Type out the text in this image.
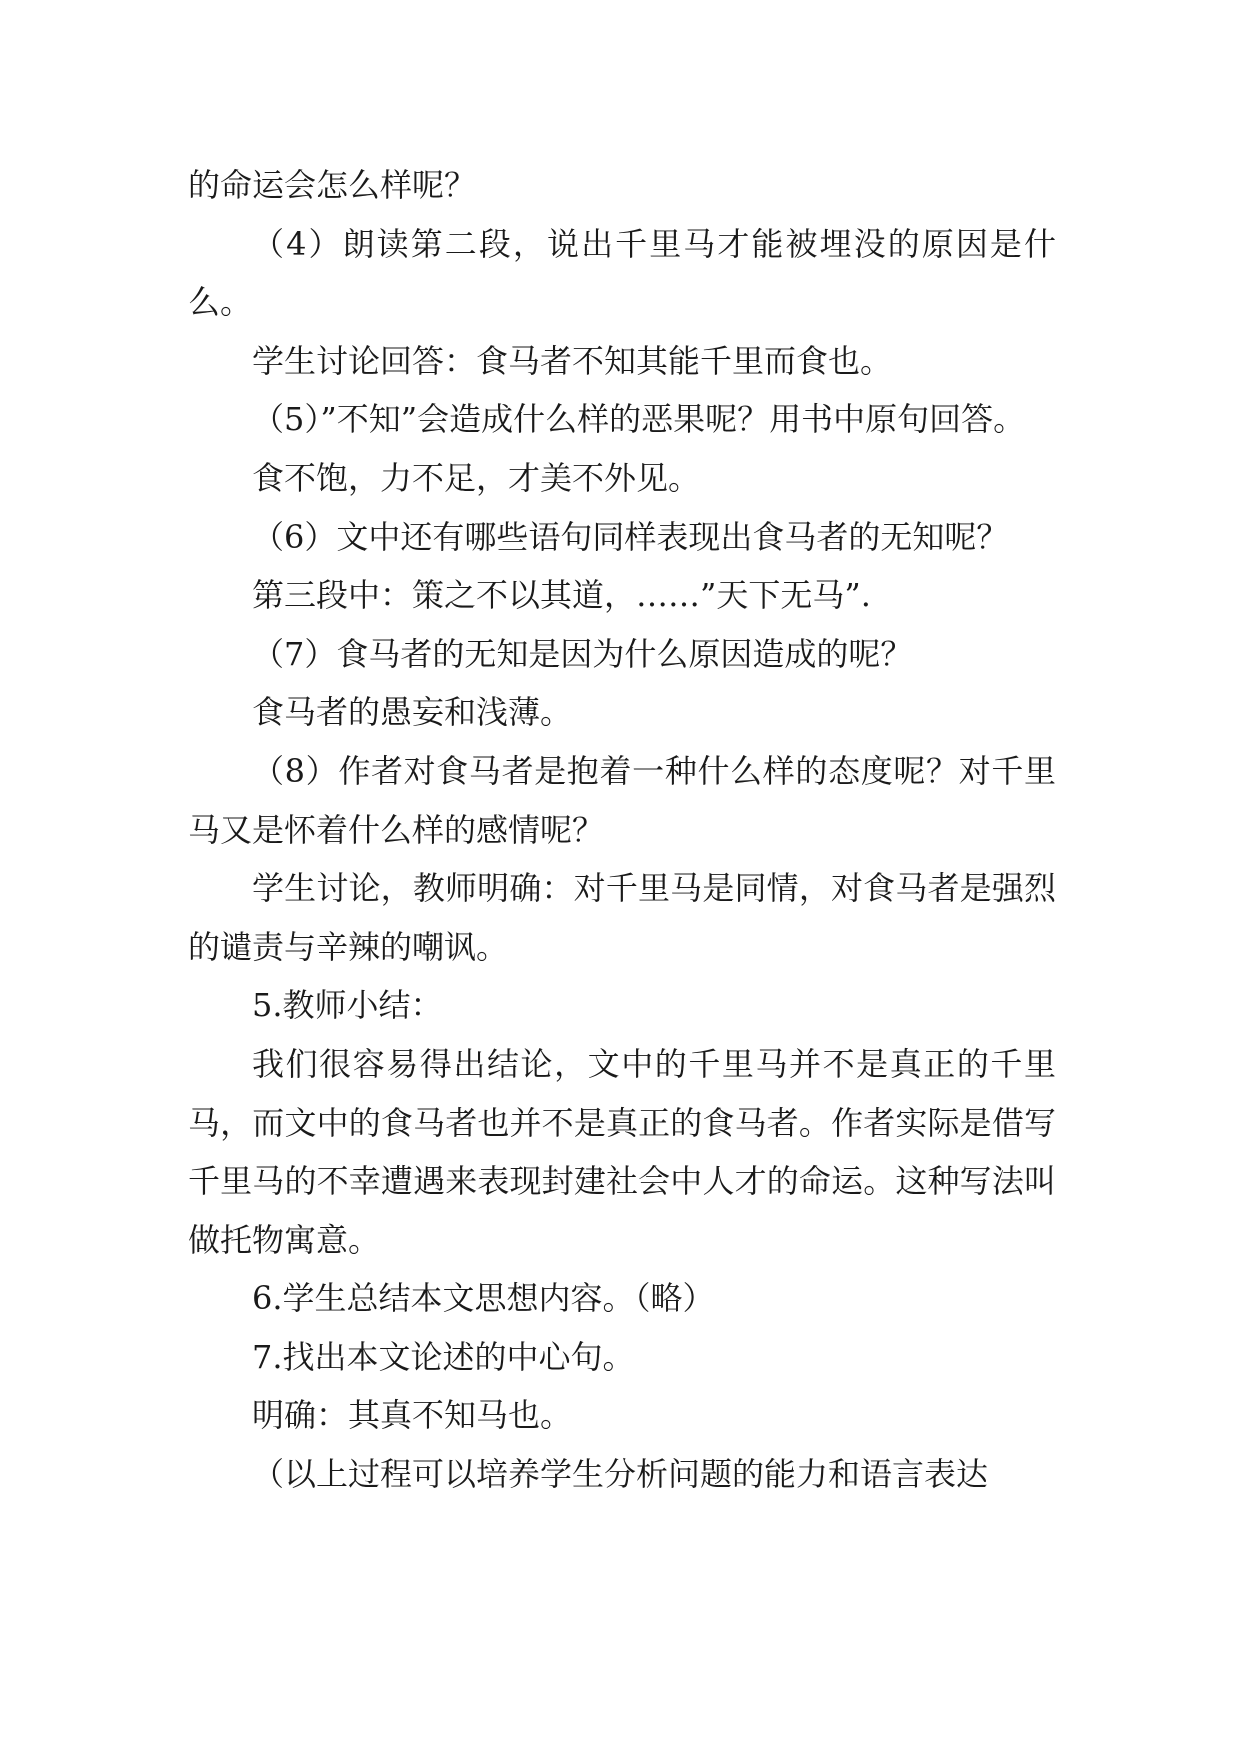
的命运会怎么样呢？

（4）朗读第二段，说出千里马才能被埋没的原因是什么。

学生讨论回答：食马者不知其能千里而食也。

（5）”不知”会造成什么样的恶果呢？用书中原句回答。

食不饱，力不足，才美不外见。

（6）文中还有哪些语句同样表现出食马者的无知呢？

第三段中：策之不以其道，……”天下无马”.

（7）食马者的无知是因为什么原因造成的呢？

食马者的愚妄和浅薄。

（8）作者对食马者是抱着一种什么样的态度呢？对千里马又是怀着什么样的感情呢？

学生讨论，教师明确：对千里马是同情，对食马者是强烈的谴责与辛辣的嘲讽。

5.教师小结：

我们很容易得出结论，文中的千里马并不是真正的千里马，而文中的食马者也并不是真正的食马者。作者实际是借写千里马的不幸遭遇来表现封建社会中人才的命运。这种写法叫做托物寓意。

6.学生总结本文思想内容。（略）

7.找出本文论述的中心句。

明确：其真不知马也。

（以上过程可以培养学生分析问题的能力和语言表达
